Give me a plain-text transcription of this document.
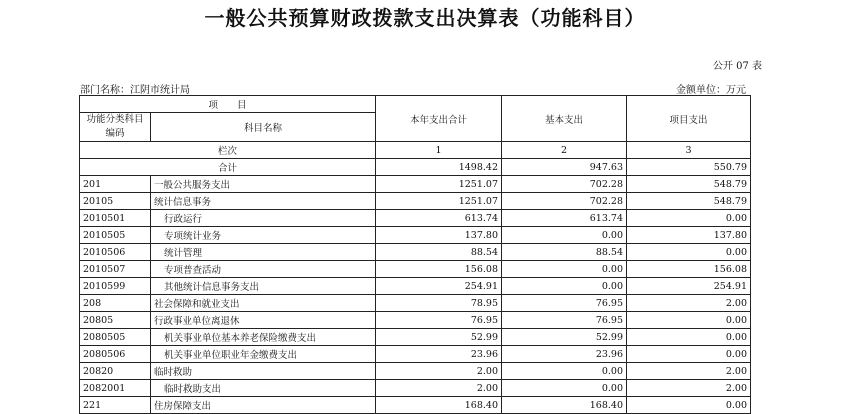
一般公共预算财政拨款支出决算表（功能科目）
公开 07 表
部门名称：江阴市统计局	金额单位：万元
项　　目		本年支出合计	基本支出	项目支出
功能分类科目编码	科目名称			
栏次		1	2	3
合计		1498.42	947.63	550.79
201	一般公共服务支出	1251.07	702.28	548.79
20105	统计信息事务	1251.07	702.28	548.79
2010501	行政运行	613.74	613.74	0.00
2010505	专项统计业务	137.80	0.00	137.80
2010506	统计管理	88.54	88.54	0.00
2010507	专项普查活动	156.08	0.00	156.08
2010599	其他统计信息事务支出	254.91	0.00	254.91
208	社会保障和就业支出	78.95	76.95	2.00
20805	行政事业单位离退休	76.95	76.95	0.00
2080505	机关事业单位基本养老保险缴费支出	52.99	52.99	0.00
2080506	机关事业单位职业年金缴费支出	23.96	23.96	0.00
20820	临时救助	2.00	0.00	2.00
2082001	临时救助支出	2.00	0.00	2.00
221	住房保障支出	168.40	168.40	0.00
